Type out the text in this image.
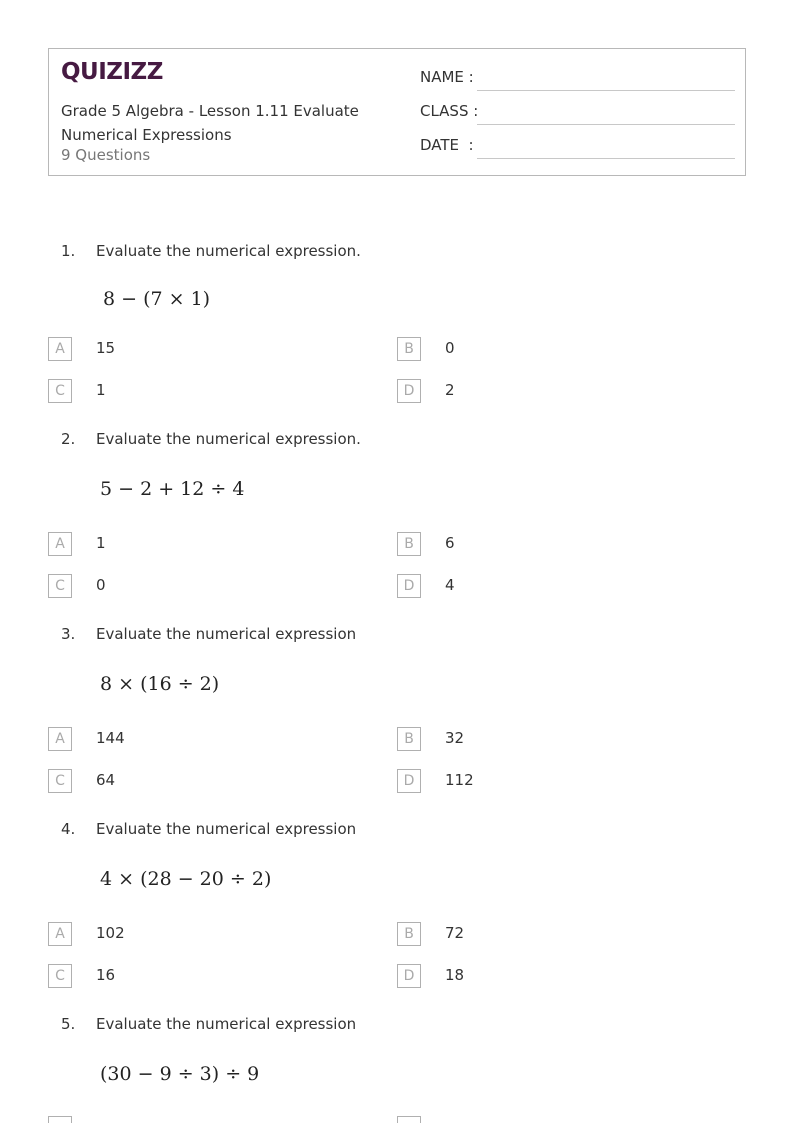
QUIZIZZ
Grade 5 Algebra - Lesson 1.11 Evaluate Numerical Expressions
9 Questions
NAME :
CLASS :
DATE  :
1. Evaluate the numerical expression.
8 − (7 × 1)
A	15	B	0
C	1	D	2
2. Evaluate the numerical expression.
5 − 2 + 12 ÷ 4
A	1	B	6
C	0	D	4
3. Evaluate the numerical expression
8 × (16 ÷ 2)
A	144	B	32
C	64	D	112
4. Evaluate the numerical expression
4 × (28 − 20 ÷ 2)
A	102	B	72
C	16	D	18
5. Evaluate the numerical expression
(30 − 9 ÷ 3) ÷ 9
